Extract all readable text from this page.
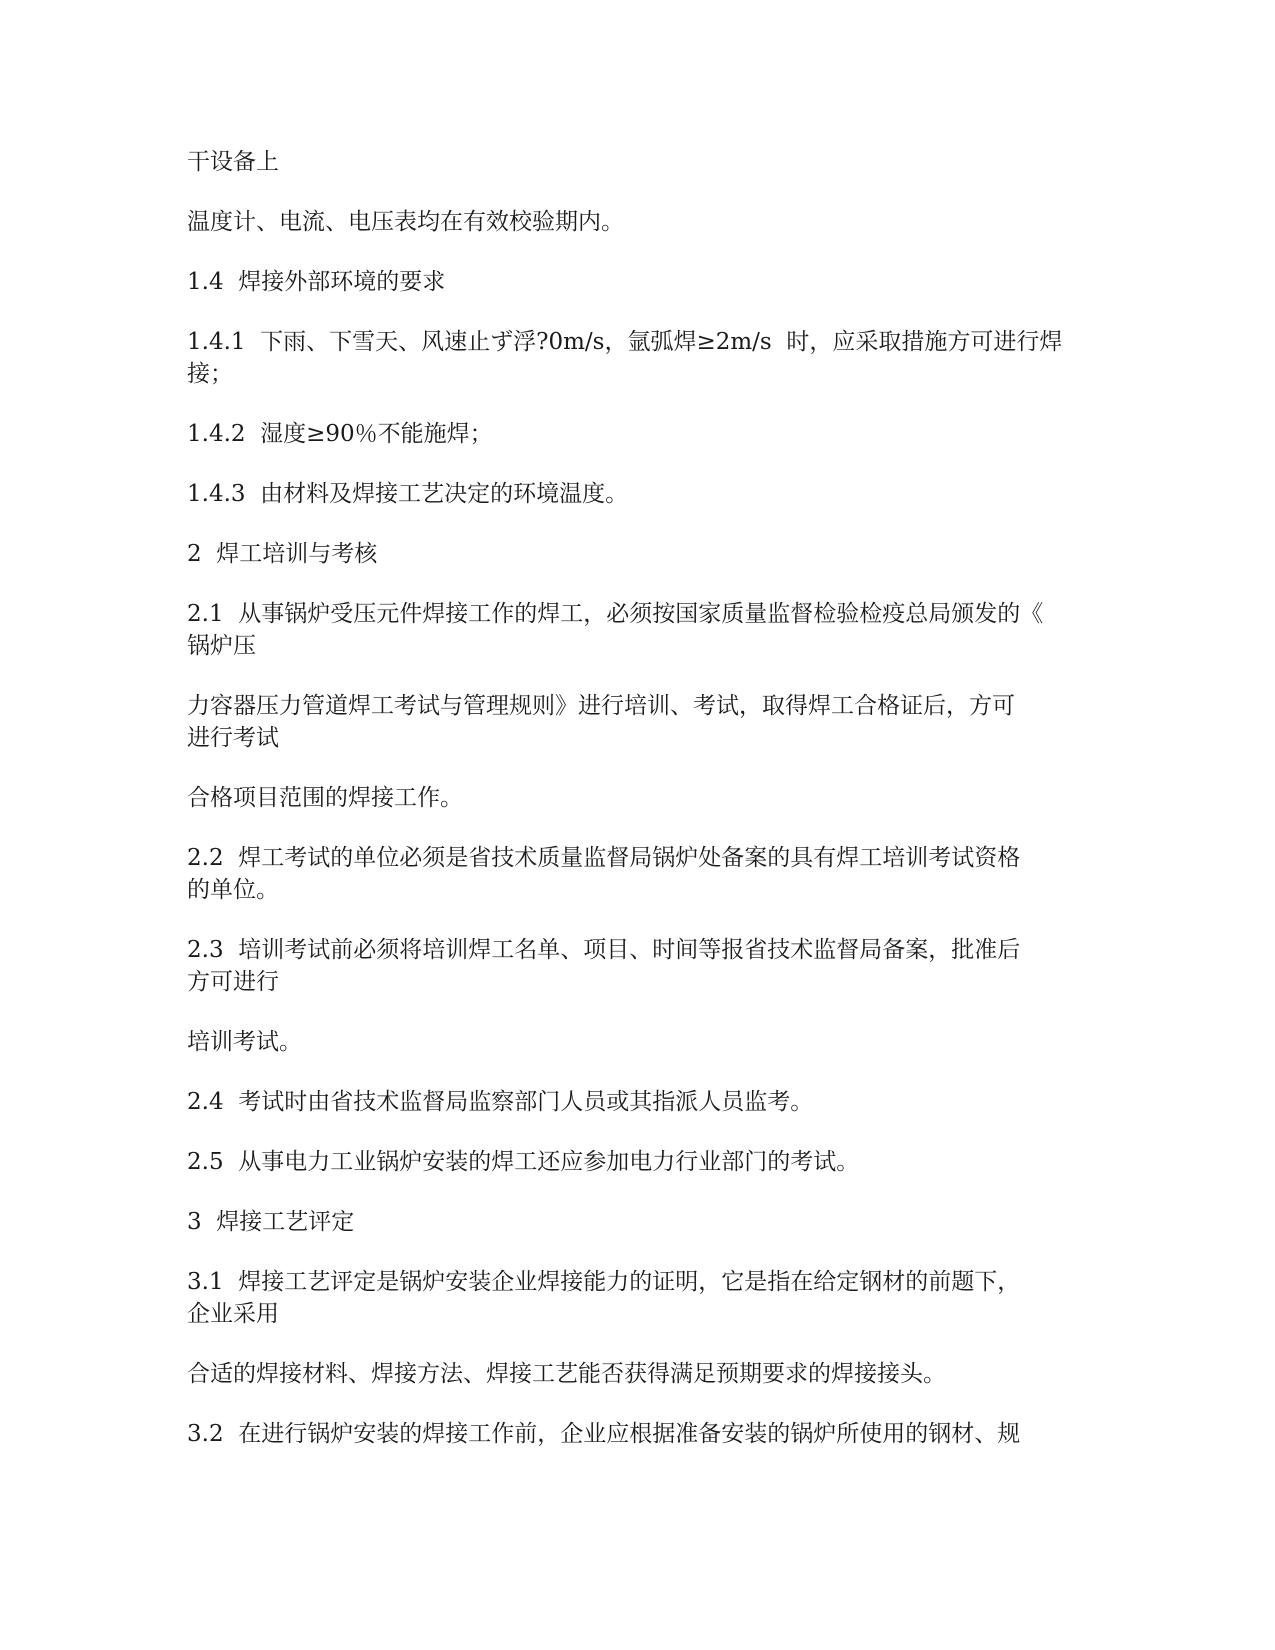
干设备上

温度计、电流、电压表均在有效校验期内。

1.4  焊接外部环境的要求

1.4.1  下雨、下雪天、风速止ず浮?0m/s，氩弧焊≥2m/s  时，应采取措施方可进行焊
接；

1.4.2  湿度≥90％不能施焊；

1.4.3  由材料及焊接工艺决定的环境温度。

2  焊工培训与考核

2.1  从事锅炉受压元件焊接工作的焊工，必须按国家质量监督检验检疫总局颁发的《
锅炉压

力容器压力管道焊工考试与管理规则》进行培训、考试，取得焊工合格证后，方可
进行考试

合格项目范围的焊接工作。

2.2  焊工考试的单位必须是省技术质量监督局锅炉处备案的具有焊工培训考试资格
的单位。

2.3  培训考试前必须将培训焊工名单、项目、时间等报省技术监督局备案，批准后
方可进行

培训考试。

2.4  考试时由省技术监督局监察部门人员或其指派人员监考。

2.5  从事电力工业锅炉安装的焊工还应参加电力行业部门的考试。

3  焊接工艺评定

3.1  焊接工艺评定是锅炉安装企业焊接能力的证明，它是指在给定钢材的前题下，
企业采用

合适的焊接材料、焊接方法、焊接工艺能否获得满足预期要求的焊接接头。

3.2  在进行锅炉安装的焊接工作前，企业应根据准备安装的锅炉所使用的钢材、规
